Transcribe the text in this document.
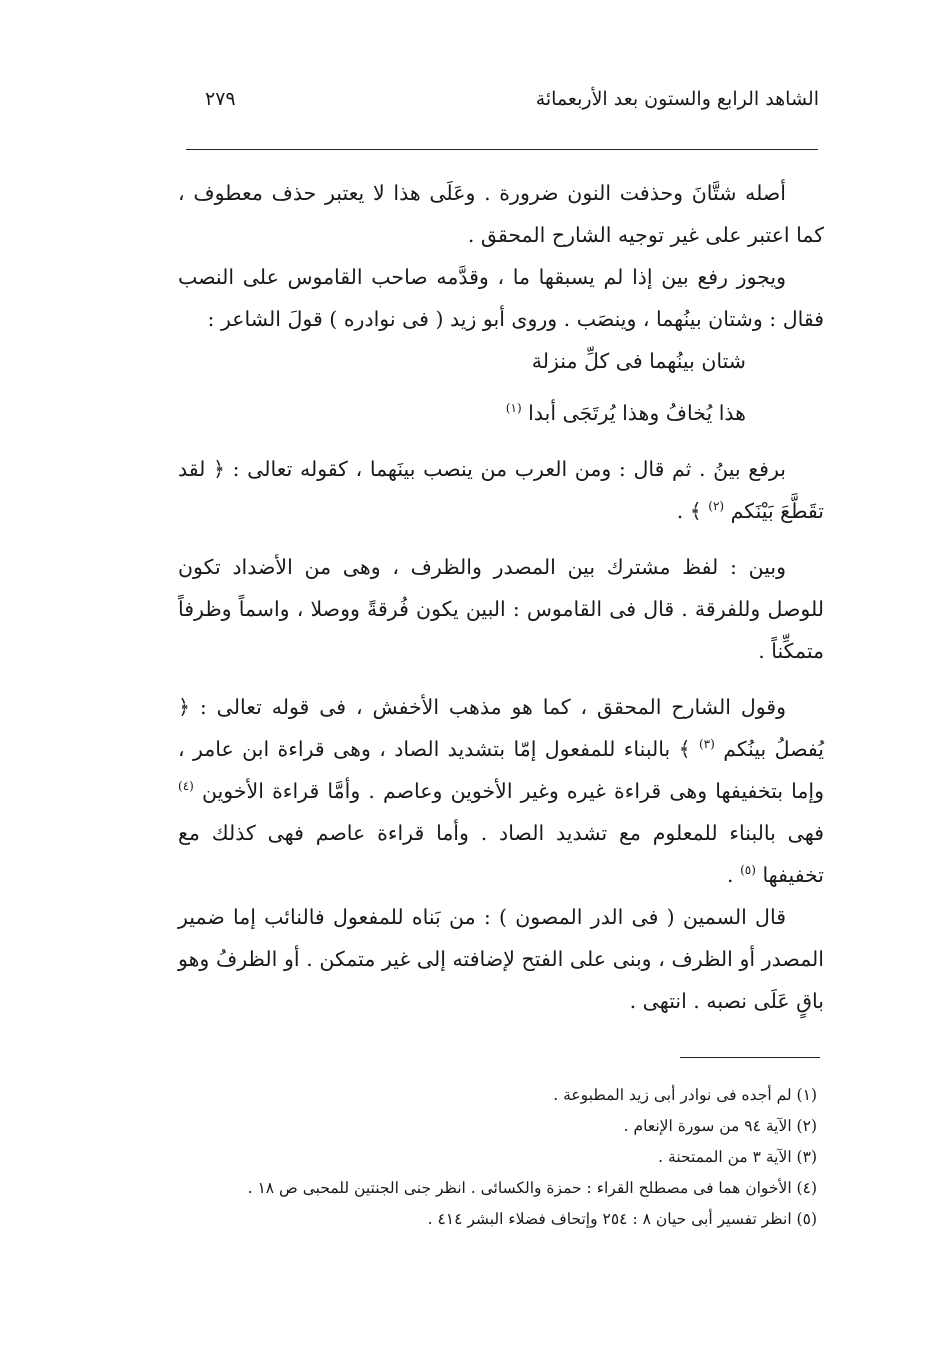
الشاهد الرابع والستون بعد الأربعمائة
٢٧٩

أصله شتَّانَ وحذفت النون ضرورة . وعَلَى هذا لا يعتبر حذف معطوف ، كما اعتبر على غير توجيه الشارح المحقق .

ويجوز رفع بين إذا لم يسبقها ما ، وقدَّمه صاحب القاموس على النصب فقال : وشتان بينُهما ، وينصَب . وروى أبو زيد ( فى نوادره ) قولَ الشاعر :

شتان بينُهما فى كلِّ منزلة

هذا يُخافُ وهذا يُرتَجَى أبدا $^{(١)}$

برفع بينُ . ثم قال : ومن العرب من ينصب بينَهما ، كقوله تعالى : ﴿ لقد تقَطَّعَ بَيْنَكم $^{(٢)}$ ﴾ .

وبين : لفظ مشترك بين المصدر والظرف ، وهى من الأضداد تكون للوصل وللفرقة . قال فى القاموس : البين يكون فُرقةً ووصلا ، واسماً وظرفاً متمكِّناً .

وقول الشارح المحقق ، كما هو مذهب الأخفش ، فى قوله تعالى : ﴿ يُفصلُ بينُكم $^{(٣)}$ ﴾ بالبناء للمفعول إمّا بتشديد الصاد ، وهى قراءة ابن عامر ، وإما بتخفيفها وهى قراءة غيره وغير الأخوين وعاصم . وأمَّا قراءة الأخوين $^{(٤)}$ فهى بالبناء للمعلوم مع تشديد الصاد . وأما قراءة عاصم فهى كذلك مع تخفيفها $^{(٥)}$ .

قال السمين ( فى الدر المصون ) : من بَناه للمفعول فالنائب إما ضمير المصدر أو الظرف ، وبنى على الفتح لإضافته إلى غير متمكن . أو الظرفُ وهو باقٍ عَلَى نصبه . انتهى .

(١) لم أجده فى نوادر أبى زيد المطبوعة .

(٢) الآية ٩٤ من سورة الإنعام .

(٣) الآية ٣ من الممتحنة .

(٤) الأخوان هما فى مصطلح القراء : حمزة والكسائى . انظر جنى الجنتين للمحبى ص ١٨ .

(٥) انظر تفسير أبى حيان ٨ : ٢٥٤ وإتحاف فضلاء البشر ٤١٤ .
